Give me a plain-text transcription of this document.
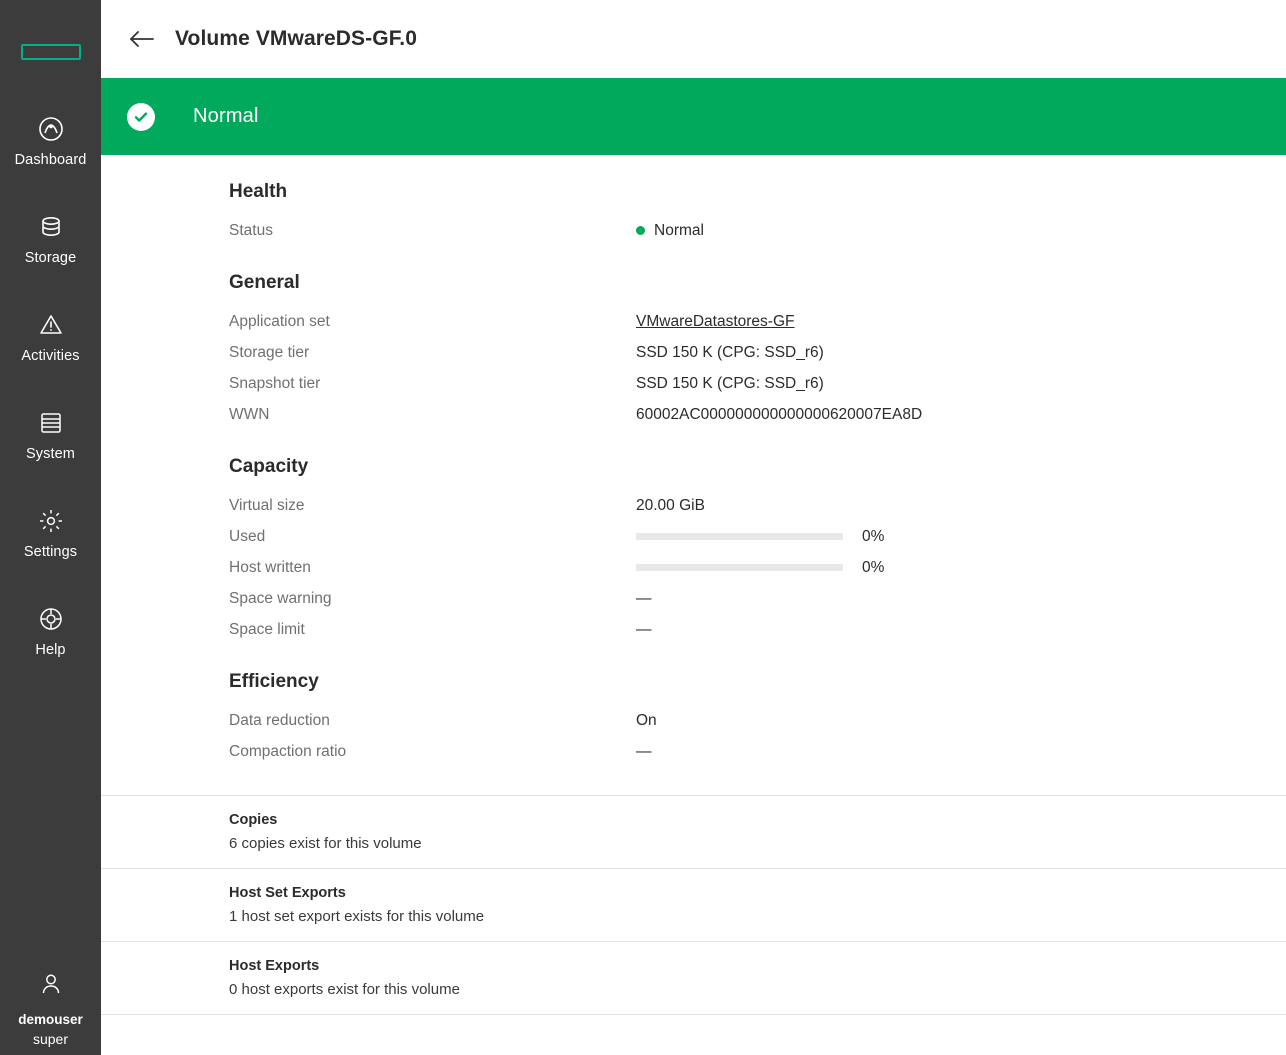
Dashboard
Storage
Activities
System
Settings
Help
demouser
super
Volume VMwareDS-GF.0
Normal
Health
Status	Normal
General
Application set	VMwareDatastores-GF
Storage tier	SSD 150 K (CPG: SSD_r6)
Snapshot tier	SSD 150 K (CPG: SSD_r6)
WWN	60002AC000000000000000620007EA8D
Capacity
Virtual size	20.00 GiB
Used	0%
Host written	0%
Space warning	—
Space limit	—
Efficiency
Data reduction	On
Compaction ratio	—
Copies
6 copies exist for this volume
Host Set Exports
1 host set export exists for this volume
Host Exports
0 host exports exist for this volume
